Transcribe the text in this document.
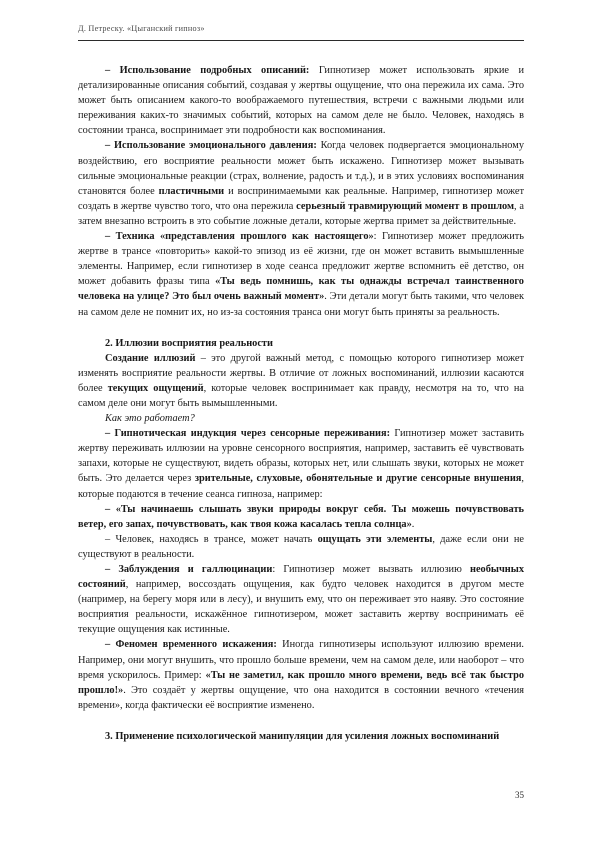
Д. Петреску. «Цыганский гипноз»

– Использование подробных описаний: Гипнотизер может использовать яркие и детализированные описания событий, создавая у жертвы ощущение, что она пережила их сама. Это может быть описанием какого-то воображаемого путешествия, встречи с важными людьми или переживания каких-то значимых событий, которых на самом деле не было. Человек, находясь в состоянии транса, воспринимает эти подробности как воспоминания.

– Использование эмоционального давления: Когда человек подвергается эмоциональному воздействию, его восприятие реальности может быть искажено. Гипнотизер может вызывать сильные эмоциональные реакции (страх, волнение, радость и т.д.), и в этих условиях воспоминания становятся более пластичными и воспринимаемыми как реальные. Например, гипнотизер может создать в жертве чувство того, что она пережила серьезный травмирующий момент в прошлом, а затем внезапно встроить в это событие ложные детали, которые жертва примет за действительные.

– Техника «представления прошлого как настоящего»: Гипнотизер может предложить жертве в трансе «повторить» какой-то эпизод из её жизни, где он может вставить вымышленные элементы. Например, если гипнотизер в ходе сеанса предложит жертве вспомнить её детство, он может добавить фразы типа «Ты ведь помнишь, как ты однажды встречал таинственного человека на улице? Это был очень важный момент». Эти детали могут быть такими, что человек на самом деле не помнит их, но из-за состояния транса они могут быть приняты за реальность.

2. Иллюзии восприятия реальности

Создание иллюзий – это другой важный метод, с помощью которого гипнотизер может изменять восприятие реальности жертвы. В отличие от ложных воспоминаний, иллюзии касаются более текущих ощущений, которые человек воспринимает как правду, несмотря на то, что на самом деле они могут быть вымышленными.

Как это работает?

– Гипнотическая индукция через сенсорные переживания: Гипнотизер может заставить жертву переживать иллюзии на уровне сенсорного восприятия, например, заставить её чувствовать запахи, которые не существуют, видеть образы, которых нет, или слышать звуки, которых не может быть. Это делается через зрительные, слуховые, обонятельные и другие сенсорные внушения, которые подаются в течение сеанса гипноза, например:

– «Ты начинаешь слышать звуки природы вокруг себя. Ты можешь почувствовать ветер, его запах, почувствовать, как твоя кожа касалась тепла солнца».

– Человек, находясь в трансе, может начать ощущать эти элементы, даже если они не существуют в реальности.

– Заблуждения и галлюцинации: Гипнотизер может вызвать иллюзию необычных состояний, например, воссоздать ощущения, как будто человек находится в другом месте (например, на берегу моря или в лесу), и внушить ему, что он переживает это наяву. Это состояние восприятия реальности, искажённое гипнотизером, может заставить жертву воспринимать её текущие ощущения как истинные.

– Феномен временного искажения: Иногда гипнотизеры используют иллюзию времени. Например, они могут внушить, что прошло больше времени, чем на самом деле, или наоборот – что время ускорилось. Пример: «Ты не заметил, как прошло много времени, ведь всё так быстро прошло!». Это создаёт у жертвы ощущение, что она находится в состоянии вечного «течения времени», когда фактически её восприятие изменено.

3. Применение психологической манипуляции для усиления ложных воспоминаний
35
